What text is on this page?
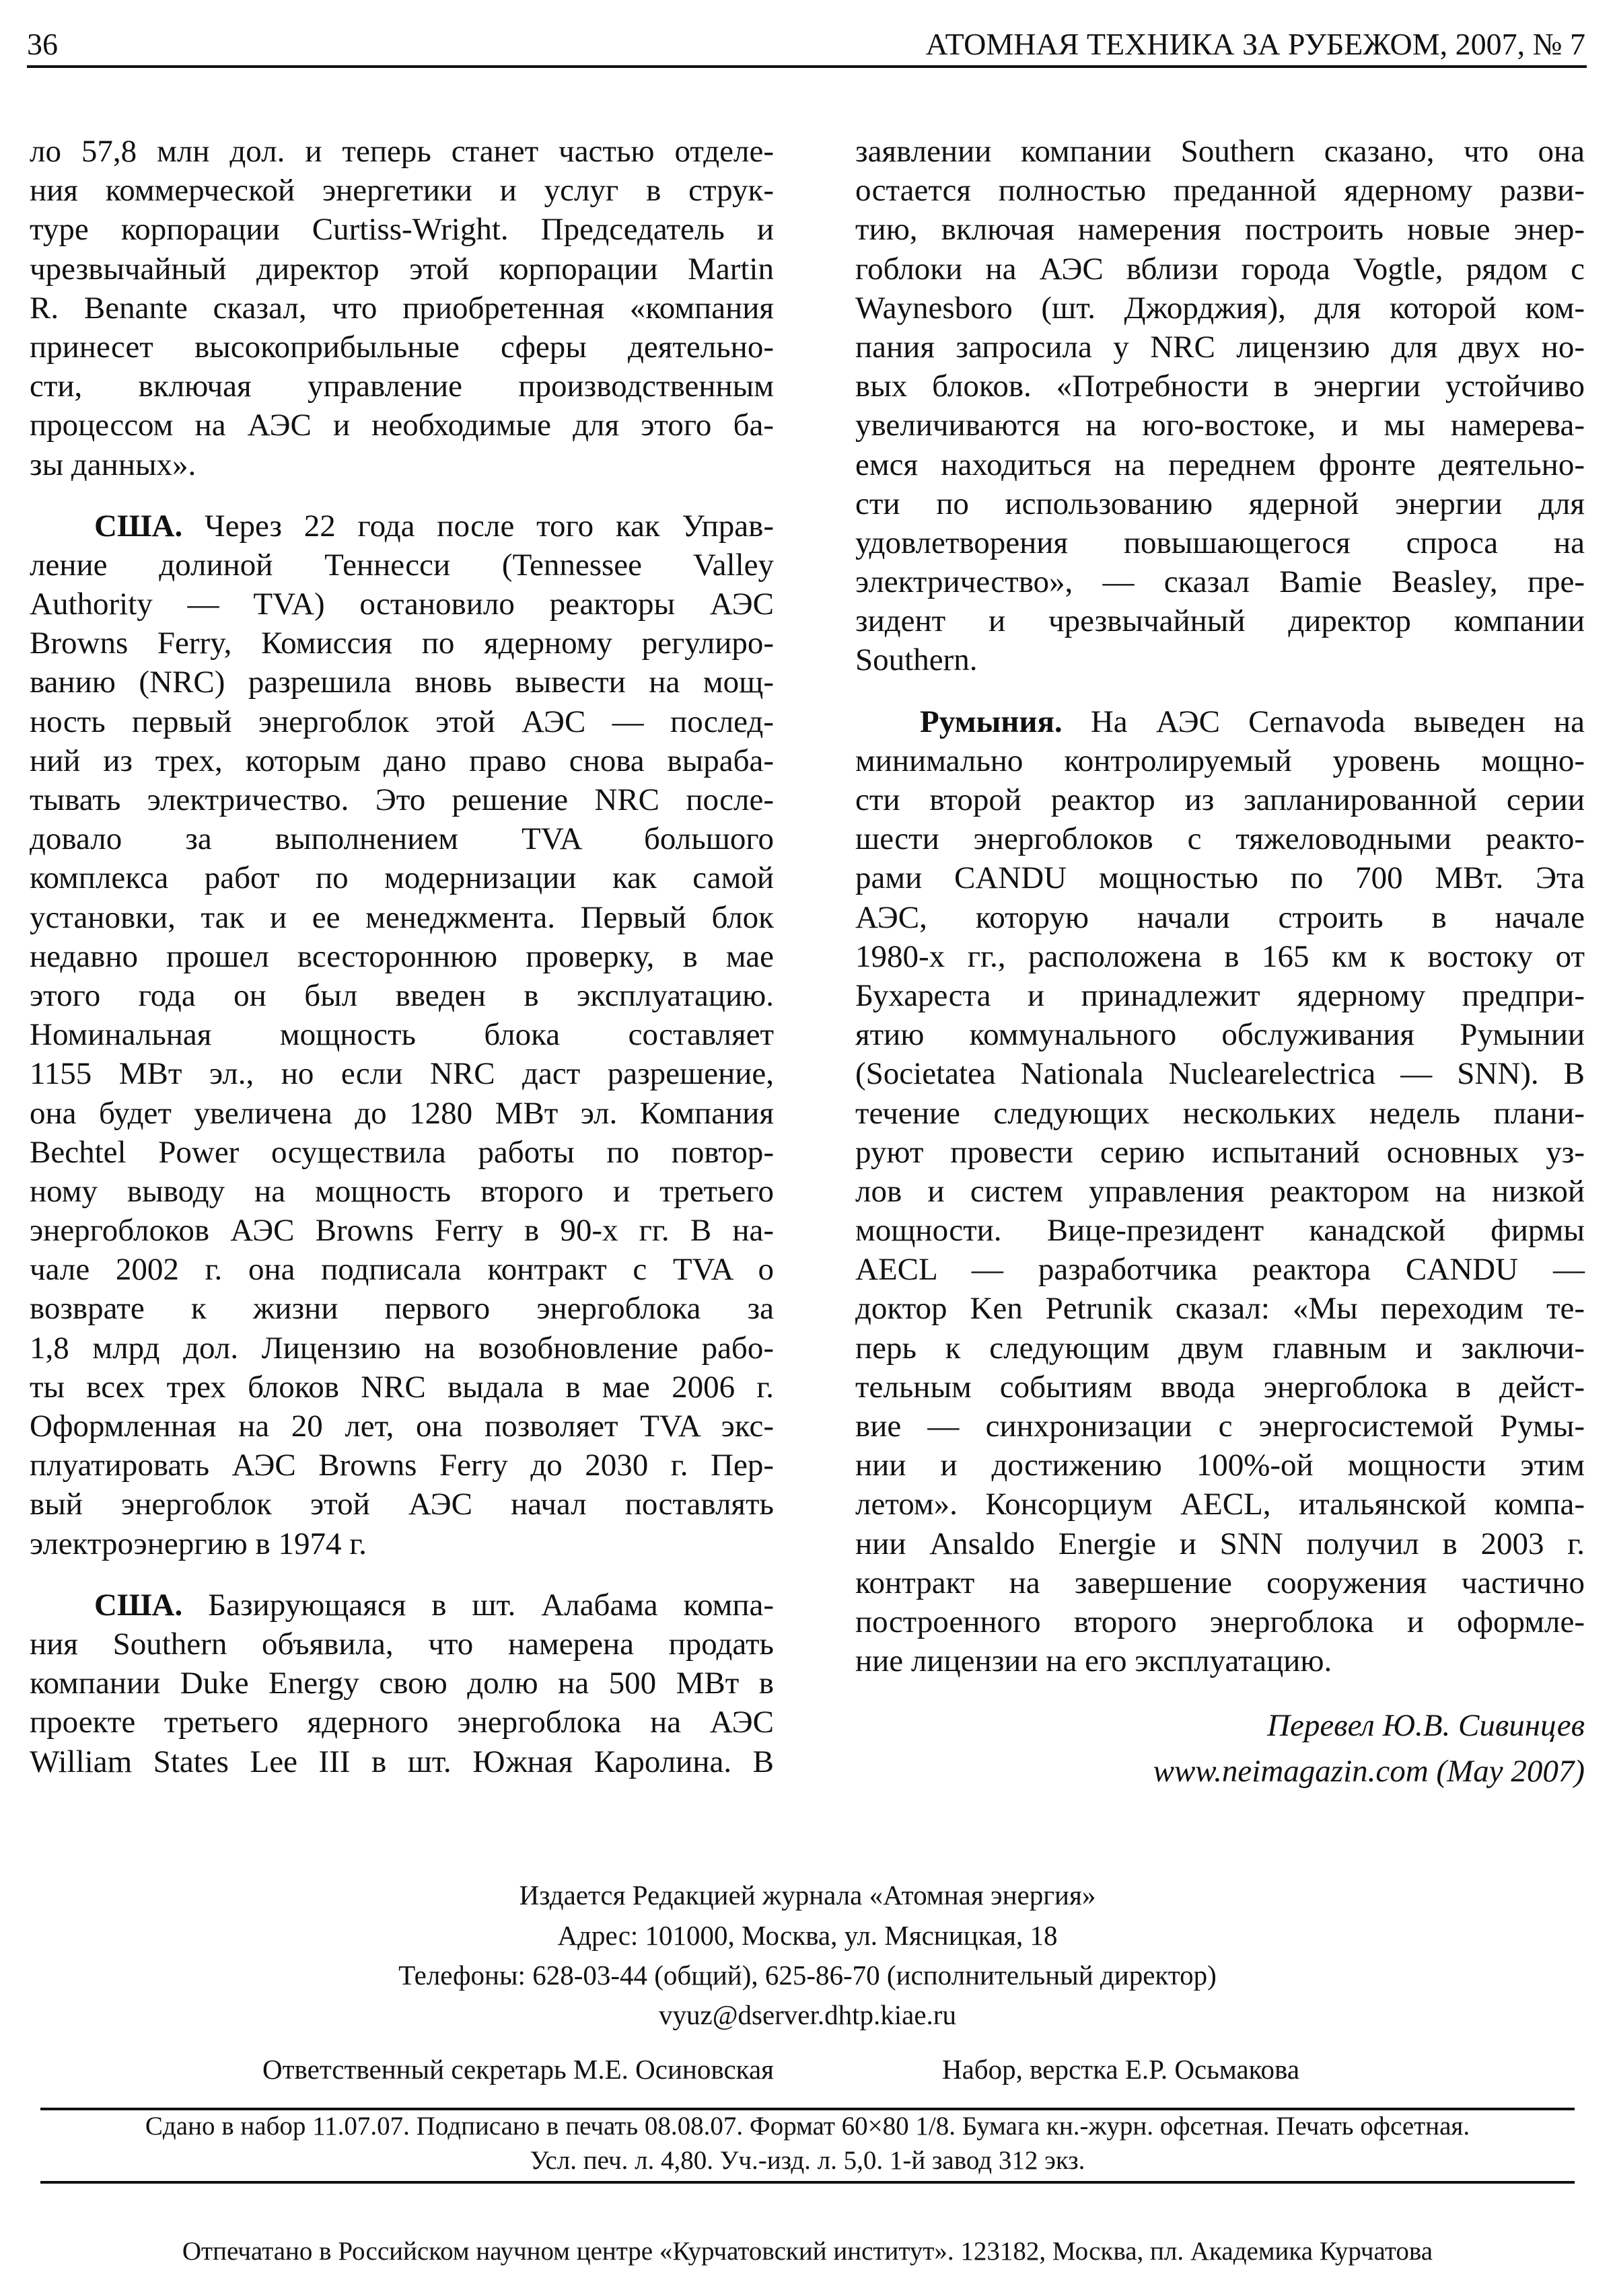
36	АТОМНАЯ ТЕХНИКА ЗА РУБЕЖОМ, 2007, № 7
ло 57,8 млн дол. и теперь станет частью отделе-
ния коммерческой энергетики и услуг в струк-
туре корпорации Curtiss-Wright. Председатель и
чрезвычайный директор этой корпорации Martin
R. Benante сказал, что приобретенная «компания
принесет высокоприбыльные сферы деятельно-
сти, включая управление производственным
процессом на АЭС и необходимые для этого ба-
зы данных».
США. Через 22 года после того как Управ-
ление долиной Теннесси (Tennessee Valley
Authority — TVA) остановило реакторы АЭС
Browns Ferry, Комиссия по ядерному регулиро-
ванию (NRC) разрешила вновь вывести на мощ-
ность первый энергоблок этой АЭС — послед-
ний из трех, которым дано право снова выраба-
тывать электричество. Это решение NRC после-
довало за выполнением TVA большого
комплекса работ по модернизации как самой
установки, так и ее менеджмента. Первый блок
недавно прошел всестороннюю проверку, в мае
этого года он был введен в эксплуатацию.
Номинальная мощность блока составляет
1155 МВт эл., но если NRC даст разрешение,
она будет увеличена до 1280 МВт эл. Компания
Bechtel Power осуществила работы по повтор-
ному выводу на мощность второго и третьего
энергоблоков АЭС Browns Ferry в 90-х гг. В на-
чале 2002 г. она подписала контракт с TVA о
возврате к жизни первого энергоблока за
1,8 млрд дол. Лицензию на возобновление рабо-
ты всех трех блоков NRC выдала в мае 2006 г.
Оформленная на 20 лет, она позволяет TVA экс-
плуатировать АЭС Browns Ferry до 2030 г. Пер-
вый энергоблок этой АЭС начал поставлять
электроэнергию в 1974 г.
США. Базирующаяся в шт. Алабама компа-
ния Southern объявила, что намерена продать
компании Duke Energy свою долю на 500 МВт в
проекте третьего ядерного энергоблока на АЭС
William States Lee III в шт. Южная Каролина. В
заявлении компании Southern сказано, что она
остается полностью преданной ядерному разви-
тию, включая намерения построить новые энер-
гоблоки на АЭС вблизи города Vogtle, рядом с
Waynesboro (шт. Джорджия), для которой ком-
пания запросила у NRC лицензию для двух но-
вых блоков. «Потребности в энергии устойчиво
увеличиваются на юго-востоке, и мы намерева-
емся находиться на переднем фронте деятельно-
сти по использованию ядерной энергии для
удовлетворения повышающегося спроса на
электричество», — сказал Bamie Beasley, пре-
зидент и чрезвычайный директор компании
Southern.
Румыния. На АЭС Cernavoda выведен на
минимально контролируемый уровень мощно-
сти второй реактор из запланированной серии
шести энергоблоков с тяжеловодными реакто-
рами CANDU мощностью по 700 МВт. Эта
АЭС, которую начали строить в начале
1980-х гг., расположена в 165 км к востоку от
Бухареста и принадлежит ядерному предпри-
ятию коммунального обслуживания Румынии
(Societatea Nationala Nuclearelectrica — SNN). В
течение следующих нескольких недель плани-
руют провести серию испытаний основных уз-
лов и систем управления реактором на низкой
мощности. Вице-президент канадской фирмы
AECL — разработчика реактора CANDU —
доктор Ken Petrunik сказал: «Мы переходим те-
перь к следующим двум главным и заключи-
тельным событиям ввода энергоблока в дейст-
вие — синхронизации с энергосистемой Румы-
нии и достижению 100%-ой мощности этим
летом». Консорциум AECL, итальянской компа-
нии Ansaldo Energie и SNN получил в 2003 г.
контракт на завершение сооружения частично
построенного второго энергоблока и оформле-
ние лицензии на его эксплуатацию.
Перевел Ю.В. Сивинцев
www.neimagazin.com (May 2007)
Издается Редакцией журнала «Атомная энергия»
Адрес: 101000, Москва, ул. Мясницкая, 18
Телефоны: 628-03-44 (общий), 625-86-70 (исполнительный директор)
vyuz@dserver.dhtp.kiae.ru
Ответственный секретарь М.Е. Осиновская	Набор, верстка Е.Р. Осьмакова
Сдано в набор 11.07.07. Подписано в печать 08.08.07. Формат 60×80 1/8. Бумага кн.-журн. офсетная. Печать офсетная.
Усл. печ. л. 4,80. Уч.-изд. л. 5,0. 1-й завод 312 экз.
Отпечатано в Российском научном центре «Курчатовский институт». 123182, Москва, пл. Академика Курчатова
